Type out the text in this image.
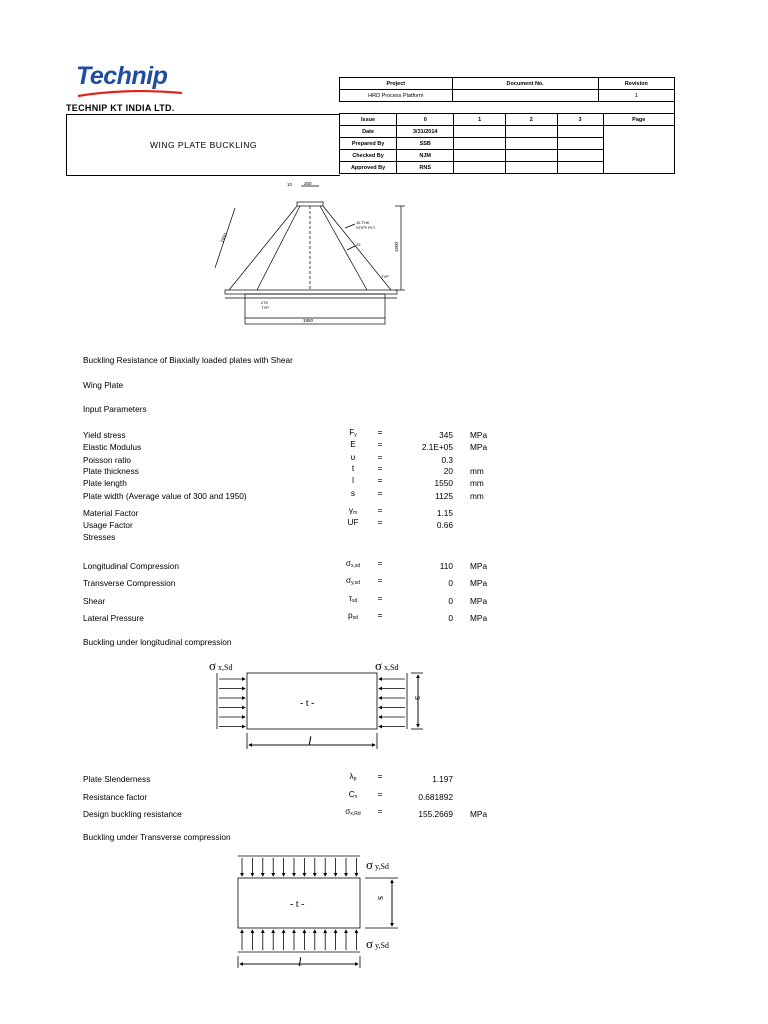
Technip
TECHNIP KT INDIA LTD.
WING PLATE BUCKLING
Project	Document No.	Revision
HRD Process Platform		1

Issue	0	1	2	3	Page
Date	3/31/2014				
Prepared By	SSB				
Checked By	NJM				
Approved By	RNS				
300
10
1650
1600
15 THK
STIFF PLT
25
1950
275
TYP
TYP
Buckling Resistance of Biaxially loaded plates with Shear
Wing Plate
Input Parameters
Yield stress	$F_y$	=	345 MPa
Elastic Modulus	E	=	2.1E+05 MPa
Poisson ratio	υ	=	0.3
Plate thickness	t	=	20 mm
Plate length	l	=	1550 mm
Plate width (Average value of 300 and 1950)	s	=	1125 mm
Material Factor	$\gamma_m$	=	1.15
Usage Factor	UF	=	0.66
Stresses
Longitudinal Compression	$\sigma_{x,sd}$	=	110 MPa
Transverse Compression	$\sigma_{y,sd}$	=	0 MPa
Shear	$\tau_{sd}$	=	0 MPa
Lateral Pressure	$p_{sd}$	=	0 MPa
Buckling under longitudinal compression
σ x,Sd	σ x,Sd
- t -
l
s
Plate Slenderness	$\lambda_p$	=	1.197
Resistance factor	$C_x$	=	0.681892
Design buckling resistance	$\sigma_{x,Rd}$	=	155.2669 MPa
Buckling under Transverse compression
σ y,Sd
σ y,Sd
- t -
l
s
